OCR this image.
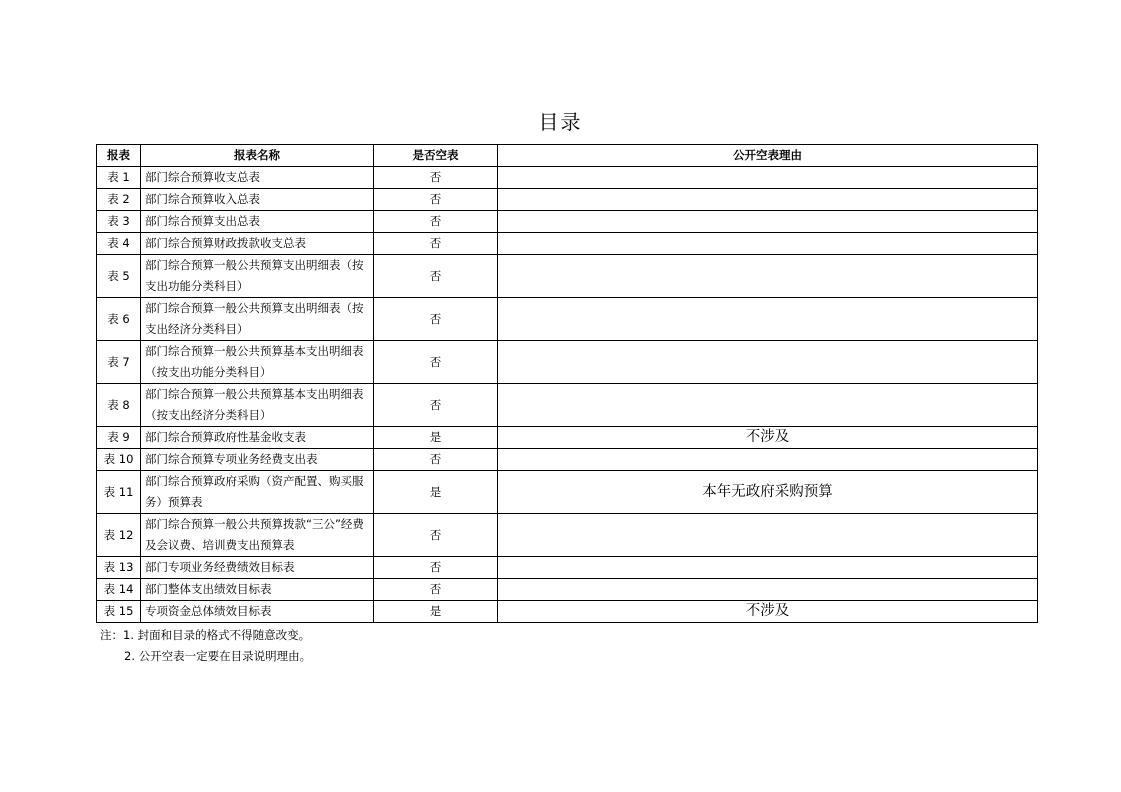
目录
报表	报表名称	是否空表	公开空表理由
表 1	部门综合预算收支总表	否	
表 2	部门综合预算收入总表	否	
表 3	部门综合预算支出总表	否	
表 4	部门综合预算财政拨款收支总表	否	
表 5	部门综合预算一般公共预算支出明细表（按支出功能分类科目）	否	
表 6	部门综合预算一般公共预算支出明细表（按支出经济分类科目）	否	
表 7	部门综合预算一般公共预算基本支出明细表（按支出功能分类科目）	否	
表 8	部门综合预算一般公共预算基本支出明细表（按支出经济分类科目）	否	
表 9	部门综合预算政府性基金收支表	是	不涉及
表 10	部门综合预算专项业务经费支出表	否	
表 11	部门综合预算政府采购（资产配置、购买服务）预算表	是	本年无政府采购预算
表 12	部门综合预算一般公共预算拨款“三公”经费及会议费、培训费支出预算表	否	
表 13	部门专项业务经费绩效目标表	否	
表 14	部门整体支出绩效目标表	否	
表 15	专项资金总体绩效目标表	是	不涉及
注：1. 封面和目录的格式不得随意改变。
2. 公开空表一定要在目录说明理由。
